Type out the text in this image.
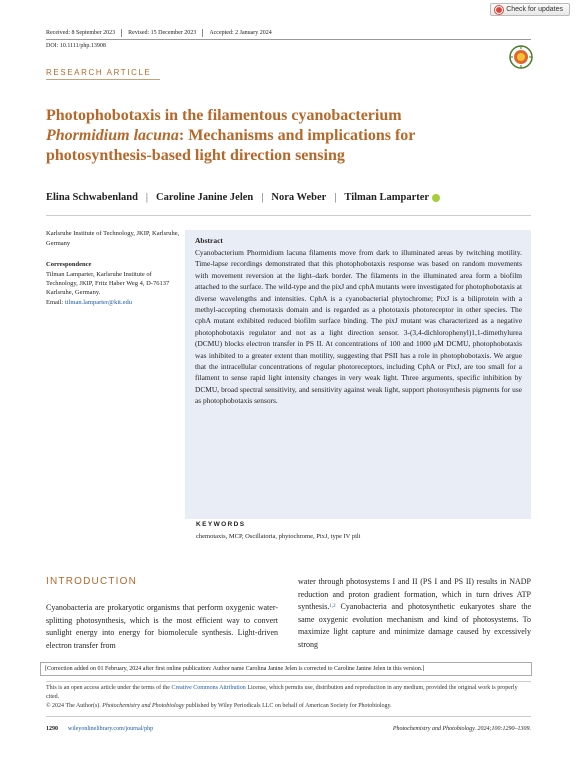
Check for updates
Received: 8 September 2023 Revised: 15 December 2023 Accepted: 2 January 2024
DOI: 10.1111/php.13908
RESEARCH ARTICLE
Photophobotaxis in the filamentous cyanobacterium
Phormidium lacuna: Mechanisms and implications for photosynthesis-based light direction sensing
Elina Schwabenland | Caroline Janine Jelen | Nora Weber | Tilman Lamparter
Karlsruhe Institute of Technology, JKIP, Karlsruhe, Germany
Correspondence
Tilman Lamparter, Karlsruhe Institute of Technology, JKIP, Fritz Haber Weg 4, D-76137 Karlsruhe, Germany.
Email: tilman.lamparter@kit.edu
Abstract

Cyanobacterium Phormidium lacuna filaments move from dark to illuminated areas by twitching motility. Time-lapse recordings demonstrated that this photophobotaxis response was based on random movements with movement reversion at the light–dark border. The filaments in the illuminated area form a biofilm attached to the surface. The wild-type and the pixJ and cphA mutants were investigated for photophobotaxis at diverse wavelengths and intensities. CphA is a cyanobacterial phytochrome; PixJ is a biliprotein with a methyl-accepting chemotaxis domain and is regarded as a phototaxis photoreceptor in other species. The cphA mutant exhibited reduced biofilm surface binding. The pixJ mutant was characterized as a negative photophobotaxis regulator and not as a light direction sensor. 3-(3,4-dichlorophenyl)1,1-dimethylurea (DCMU) blocks electron transfer in PS II. At concentrations of 100 and 1000 μM DCMU, photophobotaxis was inhibited to a greater extent than motility, suggesting that PSII has a role in photophobotaxis. We argue that the intracellular concentrations of regular photoreceptors, including CphA or PixJ, are too small for a filament to sense rapid light intensity changes in very weak light. Three arguments, specific inhibition by DCMU, broad spectral sensitivity, and sensitivity against weak light, support photosynthesis pigments for use as photophobotaxis sensors.

KEYWORDS
chemotaxis, MCP, Oscillatoria, phytochrome, PixJ, type IV pili
INTRODUCTION
Cyanobacteria are prokaryotic organisms that perform oxygenic water-splitting photosynthesis, which is the most efficient way to convert sunlight energy into energy for biomolecule synthesis. Light-driven electron transfer from
water through photosystems I and II (PS I and PS II) results in NADP reduction and proton gradient formation, which in turn drives ATP synthesis.$^{1,2}$ Cyanobacteria and photosynthetic eukaryotes share the same oxygenic evolution mechanism and kind of photosystems. To maximize light capture and minimize damage caused by excessively strong
[Correction added on 01 February, 2024 after first online publication: Author name Carolina Janine Jelen is corrected to Caroline Janine Jelen in this version.]
This is an open access article under the terms of the Creative Commons Attribution License, which permits use, distribution and reproduction in any medium, provided the original work is properly cited.
© 2024 The Author(s). Photochemistry and Photobiology published by Wiley Periodicals LLC on behalf of American Society for Photobiology.
1290 wileyonlinelibrary.com/journal/php	Photochemistry and Photobiology. 2024;100:1290–1309.
